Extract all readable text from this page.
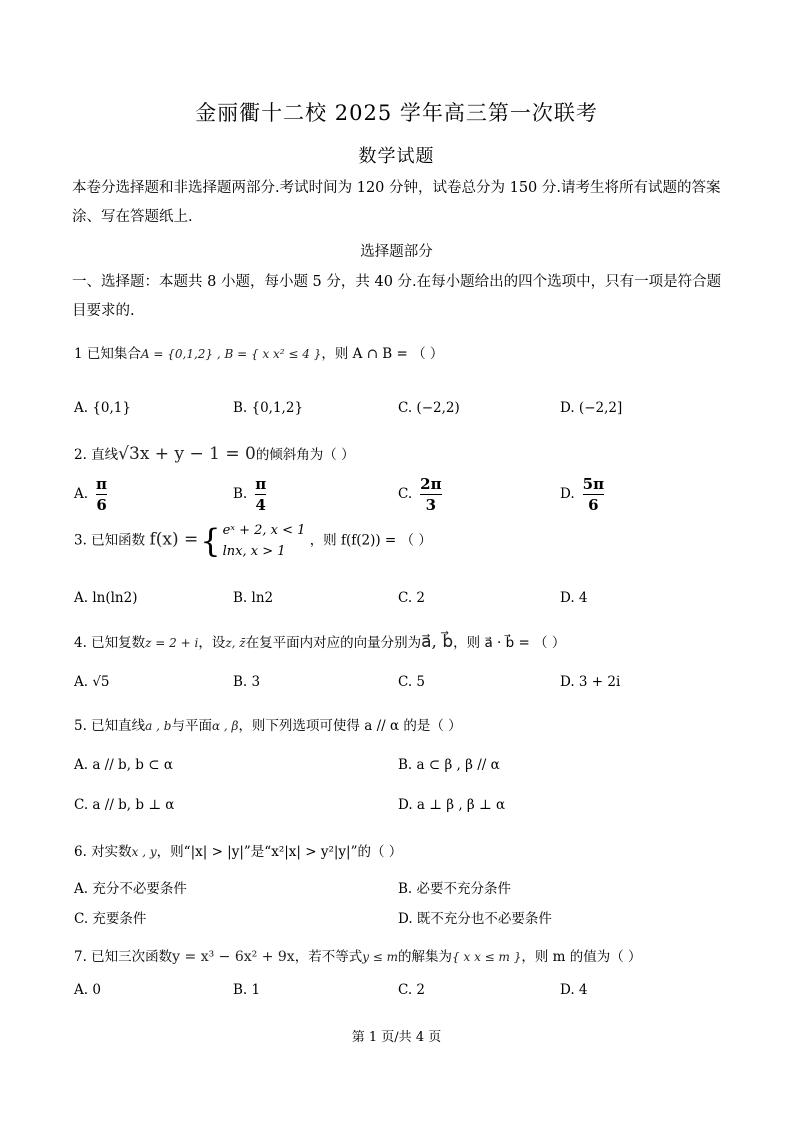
金丽衢十二校 2025 学年高三第一次联考
数学试题
本卷分选择题和非选择题两部分.考试时间为 120 分钟，试卷总分为 150 分.请考生将所有试题的答案涂、写在答题纸上.
选择题部分
一、选择题：本题共 8 小题，每小题 5 分，共 40 分.在每小题给出的四个选项中，只有一项是符合题目要求的.
1 已知集合A = {0,1,2} , B = { x x² ≤ 4 }，则 A ∩ B = （ ）
A. {0,1}	B. {0,1,2}	C. (−2,2)	D. (−2,2]
2. 直线√3x + y − 1 = 0的倾斜角为（ ）
A. $\frac{\pi}{6}$	B. $\frac{\pi}{4}$	C. $\frac{2\pi}{3}$	D. $\frac{5\pi}{6}$
3. 已知函数 f(x) ={ eˣ + 2, x < 1
lnx, x > 1
，则 f(f(2)) = （ ）
A. ln(ln2)	B. ln2	C. 2	D. 4
4. 已知复数z = 2 + i，设z, z̄在复平面内对应的向量分别为a⃗, b⃗，则 a⃗ · b⃗ = （ ）
A. √5	B. 3	C. 5	D. 3 + 2i
5. 已知直线a , b与平面α , β，则下列选项可使得 a // α 的是（ ）
A. a // b, b ⊂ α	B. a ⊂ β , β // α
C. a // b, b ⊥ α	D. a ⊥ β , β ⊥ α
6. 对实数x , y，则“|x| > |y|”是“x²|x| > y²|y|”的（ ）
A. 充分不必要条件	B. 必要不充分条件
C. 充要条件	D. 既不充分也不必要条件
7. 已知三次函数y = x³ − 6x² + 9x，若不等式y ≤ m的解集为{ x x ≤ m }，则 m 的值为（ ）
A. 0	B. 1	C. 2	D. 4
第 1 页/共 4 页
